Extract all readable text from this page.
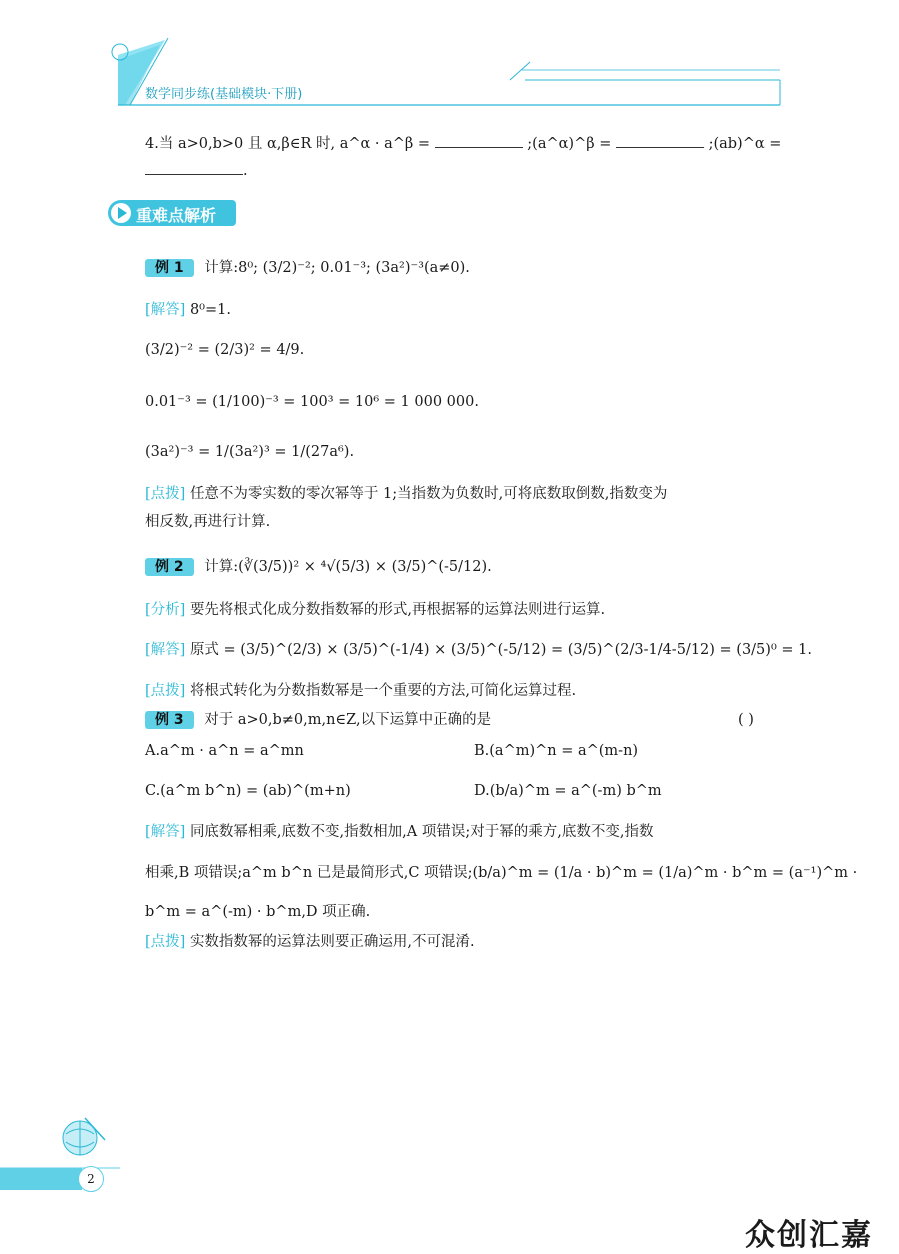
数学同步练(基础模块·下册)
4.当 a>0,b>0 且 α,β∈R 时, a^α · a^β =	;(a^α)^β =	;(ab)^α =
.
重难点解析
例 1 计算:8⁰; (3/2)⁻²; 0.01⁻³; (3a²)⁻³(a≠0).
[解答] 8⁰=1.
(3/2)⁻² = (2/3)² = 4/9.
0.01⁻³ = (1/100)⁻³ = 100³ = 10⁶ = 1 000 000.
(3a²)⁻³ = 1/(3a²)³ = 1/(27a⁶).
[点拨] 任意不为零实数的零次幂等于 1;当指数为负数时,可将底数取倒数,指数变为
相反数,再进行计算.
例 2 计算:(∛(3/5))² × ⁴√(5/3) × (3/5)^(-5/12).
[分析] 要先将根式化成分数指数幂的形式,再根据幂的运算法则进行运算.
[解答] 原式 = (3/5)^(2/3) × (3/5)^(-1/4) × (3/5)^(-5/12) = (3/5)^(2/3-1/4-5/12) = (3/5)⁰ = 1.
[点拨] 将根式转化为分数指数幂是一个重要的方法,可简化运算过程.
例 3 对于 a>0,b≠0,m,n∈Z,以下运算中正确的是	( )
A.a^m · a^n = a^mn	B.(a^m)^n = a^(m-n)
C.(a^m b^n) = (ab)^(m+n)	D.(b/a)^m = a^(-m) b^m
[解答] 同底数幂相乘,底数不变,指数相加,A 项错误;对于幂的乘方,底数不变,指数
相乘,B 项错误;a^m b^n 已是最简形式,C 项错误;(b/a)^m = (1/a · b)^m = (1/a)^m · b^m = (a⁻¹)^m ·
b^m = a^(-m) · b^m,D 项正确.
[点拨] 实数指数幂的运算法则要正确运用,不可混淆.
2
众创汇嘉
